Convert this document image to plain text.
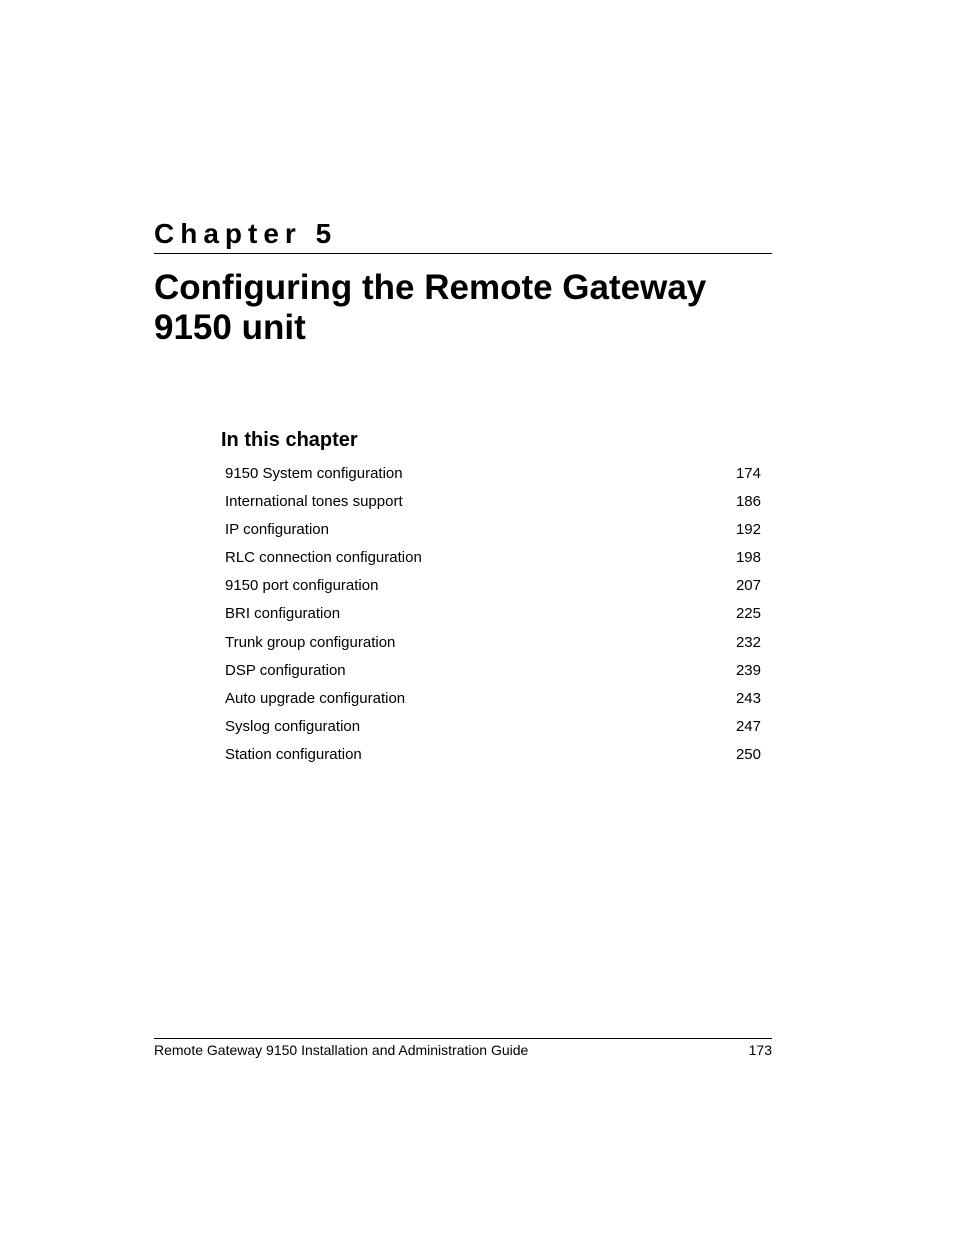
Chapter 5
Configuring the Remote Gateway 9150 unit
In this chapter
9150 System configuration	174
International tones support	186
IP configuration	192
RLC connection configuration	198
9150 port configuration	207
BRI configuration	225
Trunk group configuration	232
DSP configuration	239
Auto upgrade configuration	243
Syslog configuration	247
Station configuration	250
Remote Gateway 9150 Installation and Administration Guide	173
